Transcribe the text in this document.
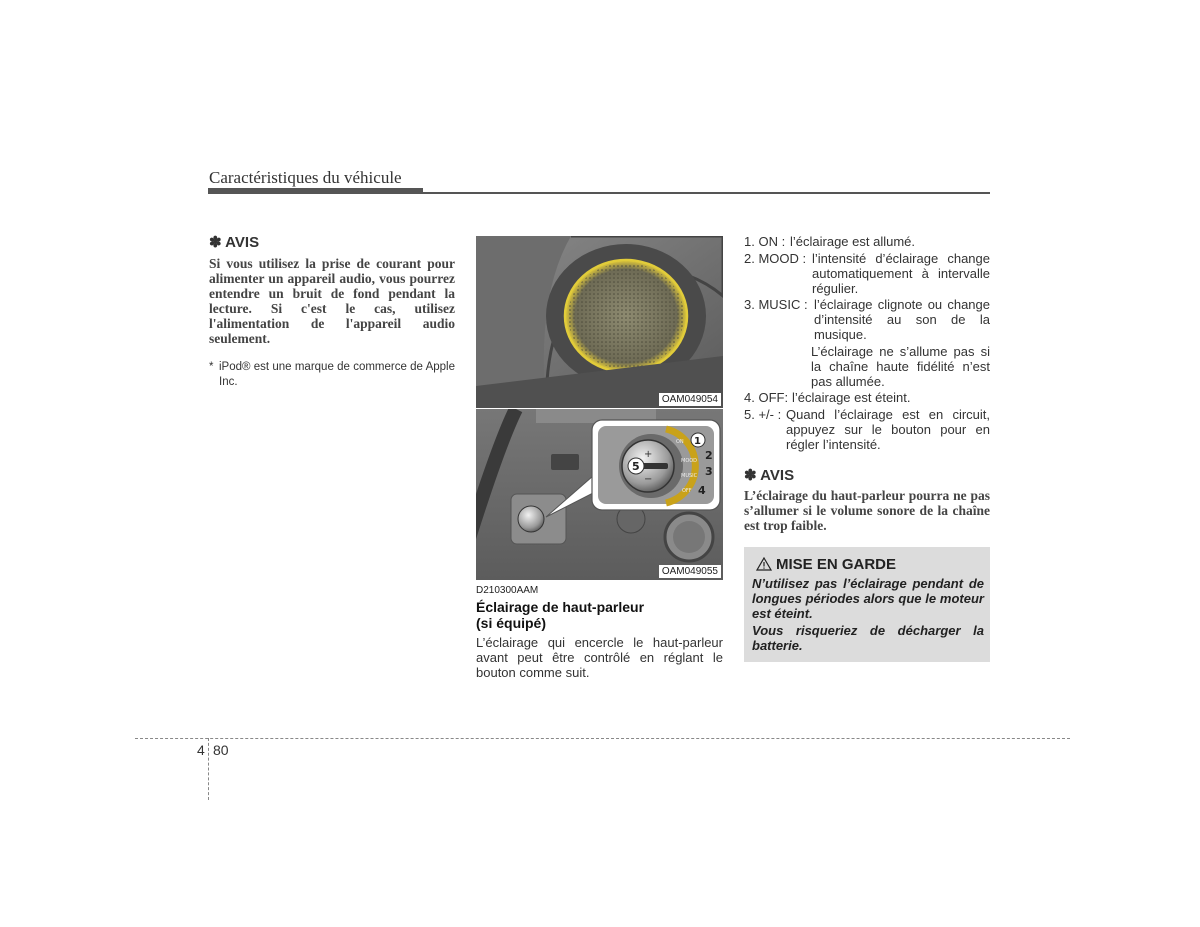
Caractéristiques du véhicule
✽ AVIS
Si vous utilisez la prise de courant pour alimenter un appareil audio, vous pourrez entendre un bruit de fond pendant la lecture. Si c'est le cas, utilisez l'alimentation de l'appareil audio seulement.
* iPod® est une marque de commerce de Apple Inc.
OAM049054
+
−
5
ON
MOOD
MUSIC
OFF
1
2
3
4
OAM049055
D210300AAM
Éclairage de haut-parleur
(si équipé)
L’éclairage qui encercle le haut-parleur avant peut être contrôlé en réglant le bouton comme suit.
1. ON : l’éclairage est allumé.
2. MOOD : l’intensité d’éclairage change automatiquement à intervalle régulier.
3. MUSIC : l’éclairage clignote ou change d’intensité au son de la musique.
L’éclairage ne s’allume pas si la chaîne haute fidélité n’est pas allumée.
4. OFF: l’éclairage est éteint.
5. +/- : Quand l’éclairage est en circuit, appuyez sur le bouton pour en régler l’intensité.
✽ AVIS
L’éclairage du haut-parleur pourra ne pas s’allumer si le volume sonore de la chaîne est trop faible.
MISE EN GARDE
N’utilisez pas l’éclairage pendant de longues périodes alors que le moteur est éteint.
Vous risqueriez de décharger la batterie.
4 80
